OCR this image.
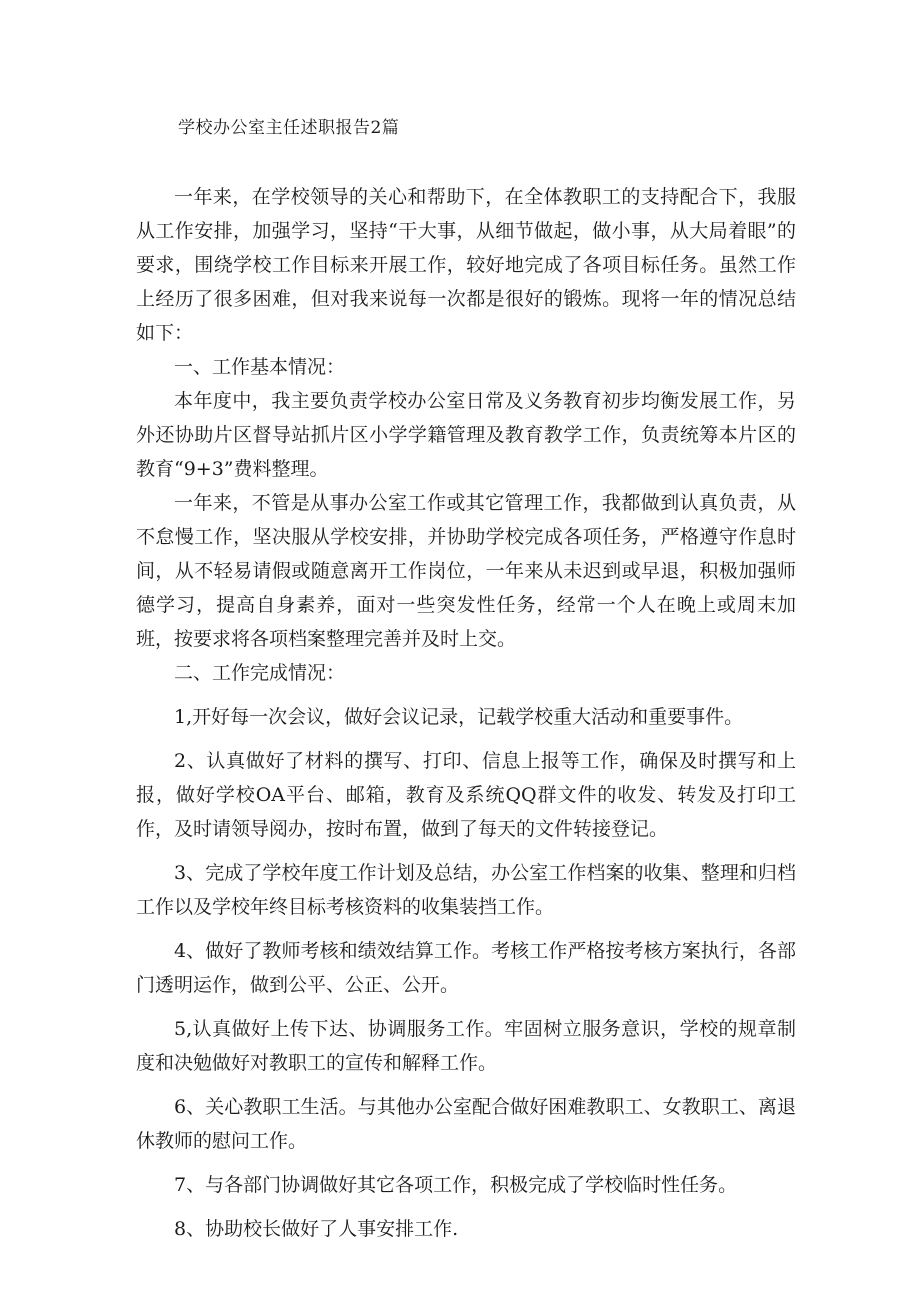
学校办公室主任述职报告2篇

一年来，在学校领导的关心和帮助下，在全体教职工的支持配合下，我服从工作安排，加强学习，坚持“干大事，从细节做起，做小事，从大局着眼”的要求，围绕学校工作目标来开展工作，较好地完成了各项目标任务。虽然工作上经历了很多困难，但对我来说每一次都是很好的锻炼。现将一年的情况总结如下：

一、工作基本情况：

本年度中，我主要负责学校办公室日常及义务教育初步均衡发展工作，另外还协助片区督导站抓片区小学学籍管理及教育教学工作，负责统筹本片区的教育“9+3”费料整理。

一年来，不管是从事办公室工作或其它管理工作，我都做到认真负责，从不怠慢工作，坚决服从学校安排，并协助学校完成各项任务，严格遵守作息时间，从不轻易请假或随意离开工作岗位，一年来从未迟到或早退，积极加强师德学习，提高自身素养，面对一些突发性任务，经常一个人在晚上或周末加班，按要求将各项档案整理完善并及时上交。

二、工作完成情况：

1,开好每一次会议，做好会议记录，记载学校重大活动和重要事件。

2、认真做好了材料的撰写、打印、信息上报等工作，确保及时撰写和上报，做好学校OA平台、邮箱，教育及系统QQ群文件的收发、转发及打印工作，及时请领导阅办，按时布置，做到了每天的文件转接登记。

3、完成了学校年度工作计划及总结，办公室工作档案的收集、整理和归档工作以及学校年终目标考核资料的收集装挡工作。

4、做好了教师考核和绩效结算工作。考核工作严格按考核方案执行，各部门透明运作，做到公平、公正、公开。

5,认真做好上传下达、协调服务工作。牢固树立服务意识，学校的规章制度和决勉做好对教职工的宣传和解释工作。

6、关心教职工生活。与其他办公室配合做好困难教职工、女教职工、离退休教师的慰问工作。

7、与各部门协调做好其它各项工作，积极完成了学校临时性任务。

8、协助校长做好了人事安排工作.
